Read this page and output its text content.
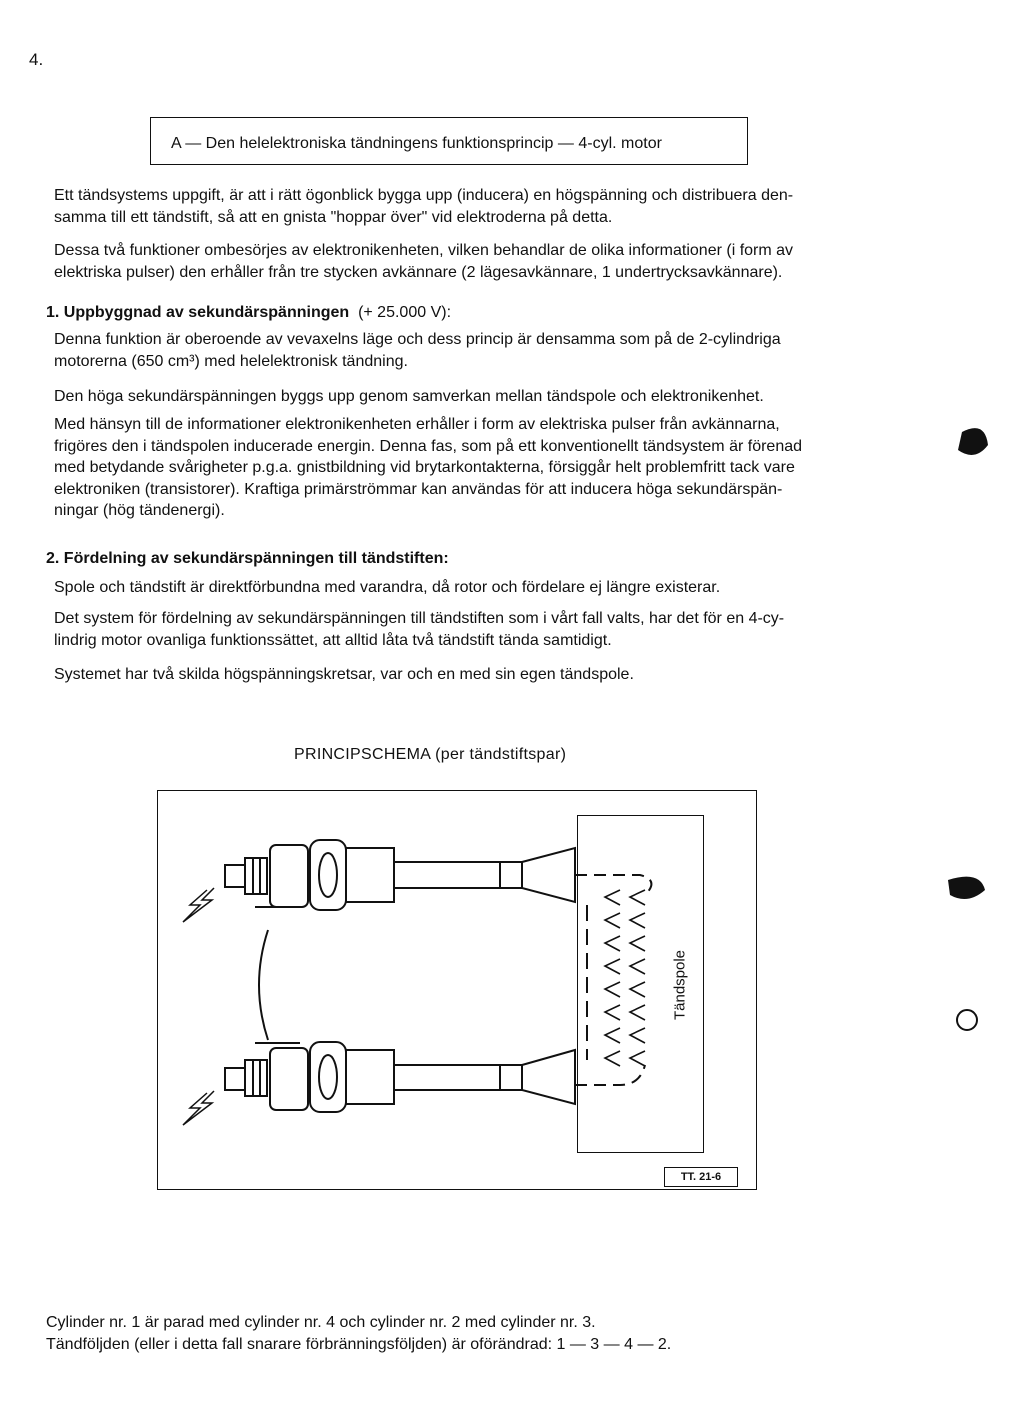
4.
A — Den helelektroniska tändningens funktionsprincip — 4-cyl. motor

Ett tändsystems uppgift, är att i rätt ögonblick bygga upp (inducera) en högspänning och distribuera den-

samma till ett tändstift, så att en gnista "hoppar över" vid elektroderna på detta.

Dessa två funktioner ombesörjes av elektronikenheten, vilken behandlar de olika informationer (i form av

elektriska pulser) den erhåller från tre stycken avkännare (2 lägesavkännare, 1 undertrycksavkännare).

1. Uppbyggnad av sekundärspänningen (+ 25.000 V):

Denna funktion är oberoende av vevaxelns läge och dess princip är densamma som på de 2-cylindriga

motorerna (650 cm³) med helelektronisk tändning.

Den höga sekundärspänningen byggs upp genom samverkan mellan tändspole och elektronikenhet.

Med hänsyn till de informationer elektronikenheten erhåller i form av elektriska pulser från avkännarna,

frigöres den i tändspolen inducerade energin. Denna fas, som på ett konventionellt tändsystem är förenad

med betydande svårigheter p.g.a. gnistbildning vid brytarkontakterna, försiggår helt problemfritt tack vare

elektroniken (transistorer). Kraftiga primärströmmar kan användas för att inducera höga sekundärspän-

ningar (hög tändenergi).

2. Fördelning av sekundärspänningen till tändstiften:

Spole och tändstift är direktförbundna med varandra, då rotor och fördelare ej längre existerar.

Det system för fördelning av sekundärspänningen till tändstiften som i vårt fall valts, har det för en 4-cy-

lindrig motor ovanliga funktionssättet, att alltid låta två tändstift tända samtidigt.

Systemet har två skilda högspänningskretsar, var och en med sin egen tändspole.

PRINCIPSCHEMA (per tändstiftspar)
Tändspole
TT. 21-6

Cylinder nr. 1 är parad med cylinder nr. 4 och cylinder nr. 2 med cylinder nr. 3.

Tändföljden (eller i detta fall snarare förbränningsföljden) är oförändrad: 1 — 3 — 4 — 2.
